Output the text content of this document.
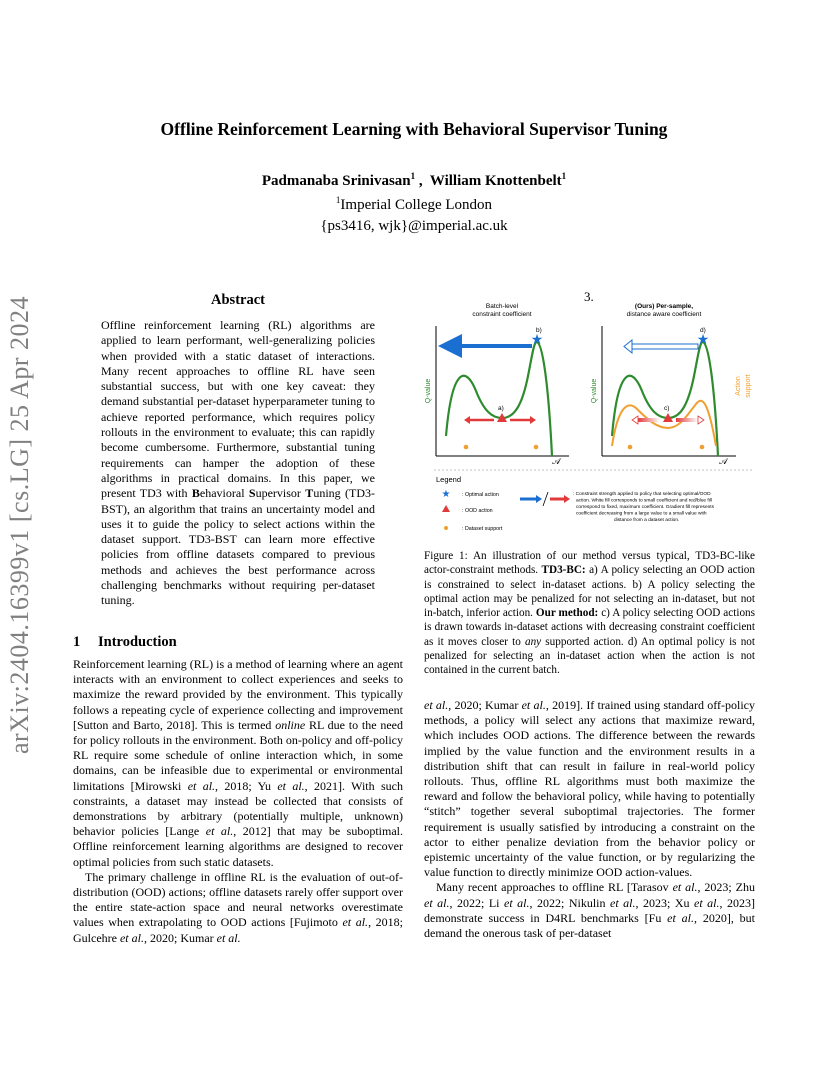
arXiv:2404.16399v1 [cs.LG] 25 Apr 2024
Offline Reinforcement Learning with Behavioral Supervisor Tuning
Padmanaba Srinivasan$^1$ ,  William Knottenbelt$^1$
$^1$Imperial College London
{ps3416, wjk}@imperial.ac.uk
Abstract

Offline reinforcement learning (RL) algorithms are applied to learn performant, well-generalizing policies when provided with a static dataset of interactions. Many recent approaches to offline RL have seen substantial success, but with one key caveat: they demand substantial per-dataset hyperparameter tuning to achieve reported performance, which requires policy rollouts in the environment to evaluate; this can rapidly become cumbersome. Furthermore, substantial tuning requirements can hamper the adoption of these algorithms in practical domains. In this paper, we present TD3 with Behavioral Supervisor Tuning (TD3-BST), an algorithm that trains an uncertainty model and uses it to guide the policy to select actions within the dataset support. TD3-BST can learn more effective policies from offline datasets compared to previous methods and achieves the best performance across challenging benchmarks without requiring per-dataset tuning.

1 Introduction

Reinforcement learning (RL) is a method of learning where an agent interacts with an environment to collect experiences and seeks to maximize the reward provided by the environment. This typically follows a repeating cycle of experience collecting and improvement [Sutton and Barto, 2018]. This is termed online RL due to the need for policy rollouts in the environment. Both on-policy and off-policy RL require some schedule of online interaction which, in some domains, can be infeasible due to experimental or environmental limitations [Mirowski et al., 2018; Yu et al., 2021]. With such constraints, a dataset may instead be collected that consists of demonstrations by arbitrary (potentially multiple, unknown) behavior policies [Lange et al., 2012] that may be suboptimal. Offline reinforcement learning algorithms are designed to recover optimal policies from such static datasets.

The primary challenge in offline RL is the evaluation of out-of-distribution (OOD) actions; offline datasets rarely offer support over the entire state-action space and neural networks overestimate values when extrapolating to OOD actions [Fujimoto et al., 2018; Gulcehre et al., 2020; Kumar et al.

3.
Batch-level
constraint coefficient
(Ours) Per-sample,
distance aware coefficient
Q-value
𝒜
★
b)
a)
Q-value	Action support
𝒜
★
d)
c)
Legend
★ : Optimal action
: OOD action
: Dataset support
: Constraint strength applied to policy that selecting optimal/OOD
action. White fill corresponds to small coefficient and red/blue fill
correspond to fixed, maximum coefficient. Gradient fill represents
coefficient decreasing from a large value to a small value with
distance from a dataset action.
Figure 1: An illustration of our method versus typical, TD3-BC-like actor-constraint methods. TD3-BC: a) A policy selecting an OOD action is constrained to select in-dataset actions. b) A policy selecting the optimal action may be penalized for not selecting an in-dataset, but not in-batch, inferior action. Our method: c) A policy selecting OOD actions is drawn towards in-dataset actions with decreasing constraint coefficient as it moves closer to any supported action. d) An optimal policy is not penalized for selecting an in-dataset action when the action is not contained in the current batch.

et al., 2020; Kumar et al., 2019]. If trained using standard off-policy methods, a policy will select any actions that maximize reward, which includes OOD actions. The difference between the rewards implied by the value function and the environment results in a distribution shift that can result in failure in real-world policy rollouts. Thus, offline RL algorithms must both maximize the reward and follow the behavioral policy, while having to potentially “stitch” together several suboptimal trajectories. The former requirement is usually satisfied by introducing a constraint on the actor to either penalize deviation from the behavior policy or epistemic uncertainty of the value function, or by regularizing the value function to directly minimize OOD action-values.

Many recent approaches to offline RL [Tarasov et al., 2023; Zhu et al., 2022; Li et al., 2022; Nikulin et al., 2023; Xu et al., 2023] demonstrate success in D4RL benchmarks [Fu et al., 2020], but demand the onerous task of per-dataset
